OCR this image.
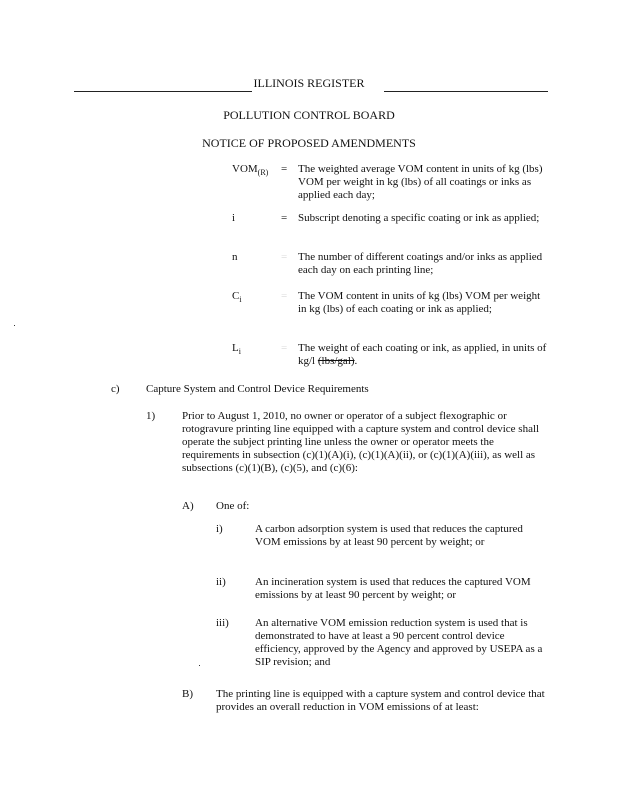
ILLINOIS REGISTER
POLLUTION CONTROL BOARD
NOTICE OF PROPOSED AMENDMENTS
$VOM_{(R)}$ = The weighted average VOM content in units of kg (lbs) VOM per weight in kg (lbs) of all coatings or inks as applied each day;
i	= Subscript denoting a specific coating or ink as applied;
n	= The number of different coatings and/or inks as applied each day on each printing line;
$C_i$	= The VOM content in units of kg (lbs) VOM per weight in kg (lbs) of each coating or ink as applied;
$L_i$	= The weight of each coating or ink, as applied, in units of kg/l (lbs/gal).
c) Capture System and Control Device Requirements
1) Prior to August 1, 2010, no owner or operator of a subject flexographic or rotogravure printing line equipped with a capture system and control device shall operate the subject printing line unless the owner or operator meets the requirements in subsection (c)(1)(A)(i), (c)(1)(A)(ii), or (c)(1)(A)(iii), as well as subsections (c)(1)(B), (c)(5), and (c)(6):
A) One of:
i)	A carbon adsorption system is used that reduces the captured VOM emissions by at least 90 percent by weight; or
ii)	An incineration system is used that reduces the captured VOM emissions by at least 90 percent by weight; or
iii) An alternative VOM emission reduction system is used that is demonstrated to have at least a 90 percent control device efficiency, approved by the Agency and approved by USEPA as a SIP revision; and
B) The printing line is equipped with a capture system and control device that provides an overall reduction in VOM emissions of at least:
